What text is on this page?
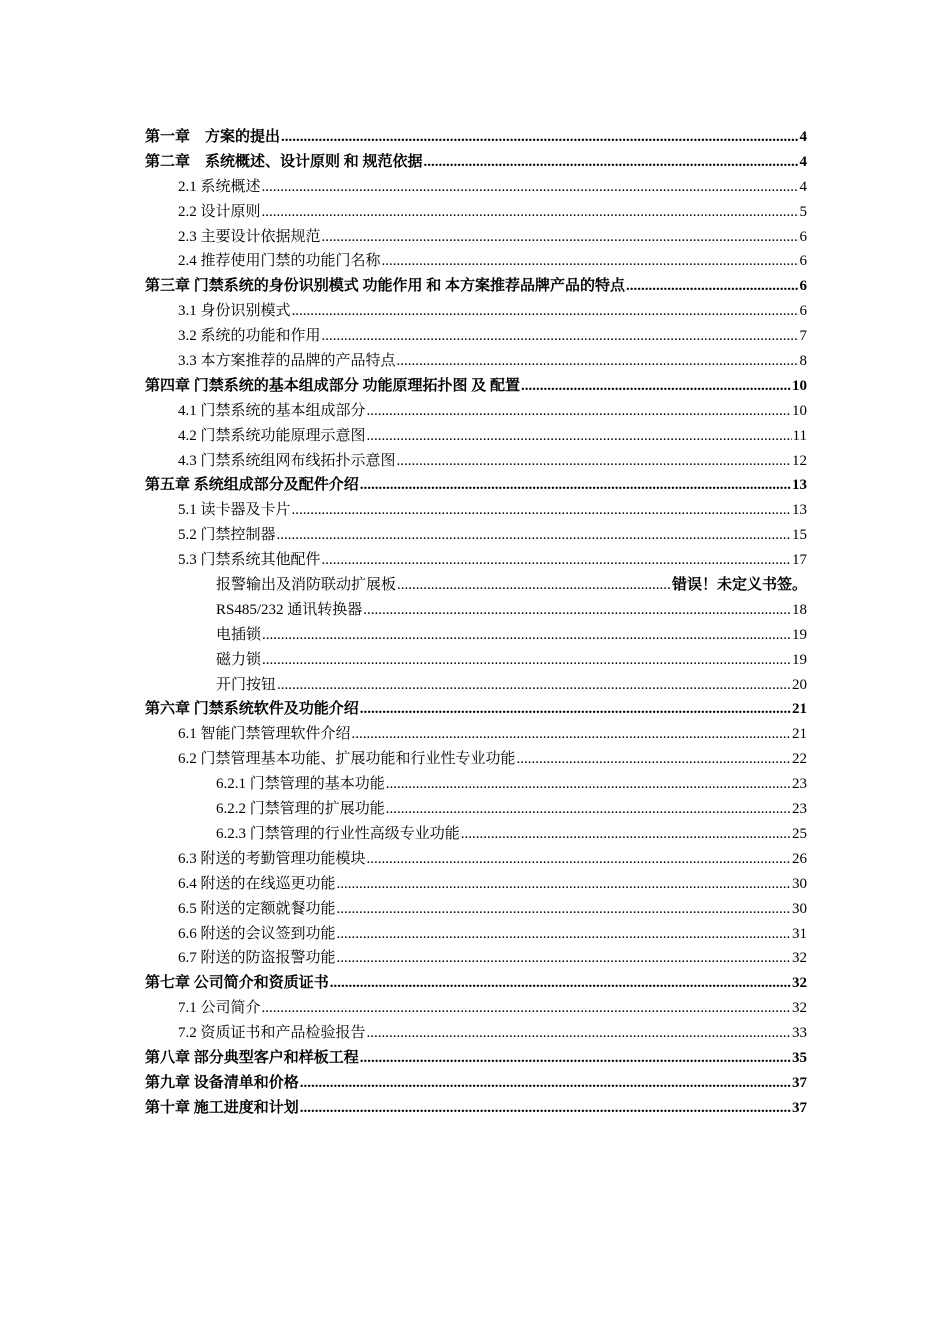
第一章　方案的提出 .....	4
第二章　系统概述、设计原则 和 规范依据 .....	4
2.1 系统概述 .....	4
2.2 设计原则 .....	5
2.3 主要设计依据规范 .....	6
2.4 推荐使用门禁的功能门名称 .....	6
第三章 门禁系统的身份识别模式 功能作用 和 本方案推荐品牌产品的特点 .....	6
3.1 身份识别模式 .....	6
3.2 系统的功能和作用 .....	7
3.3 本方案推荐的品牌的产品特点 .....	8
第四章 门禁系统的基本组成部分 功能原理拓扑图 及 配置 .....	10
4.1 门禁系统的基本组成部分 .....	10
4.2 门禁系统功能原理示意图 .....	11
4.3 门禁系统组网布线拓扑示意图 .....	12
第五章 系统组成部分及配件介绍 .....	13
5.1 读卡器及卡片 .....	13
5.2 门禁控制器 .....	15
5.3 门禁系统其他配件 .....	17
报警输出及消防联动扩展板 .....	错误！未定义书签。
RS485/232 通讯转换器 .....	18
电插锁 .....	19
磁力锁 .....	19
开门按钮 .....	20
第六章 门禁系统软件及功能介绍 .....	21
6.1 智能门禁管理软件介绍 .....	21
6.2 门禁管理基本功能、扩展功能和行业性专业功能 .....	22
6.2.1 门禁管理的基本功能 .....	23
6.2.2 门禁管理的扩展功能 .....	23
6.2.3 门禁管理的行业性高级专业功能 .....	25
6.3 附送的考勤管理功能模块 .....	26
6.4 附送的在线巡更功能 .....	30
6.5 附送的定额就餐功能 .....	30
6.6 附送的会议签到功能 .....	31
6.7 附送的防盗报警功能 .....	32
第七章 公司简介和资质证书 .....	32
7.1 公司简介 .....	32
7.2 资质证书和产品检验报告 .....	33
第八章 部分典型客户和样板工程 .....	35
第九章 设备清单和价格 .....	37
第十章 施工进度和计划 .....	37
